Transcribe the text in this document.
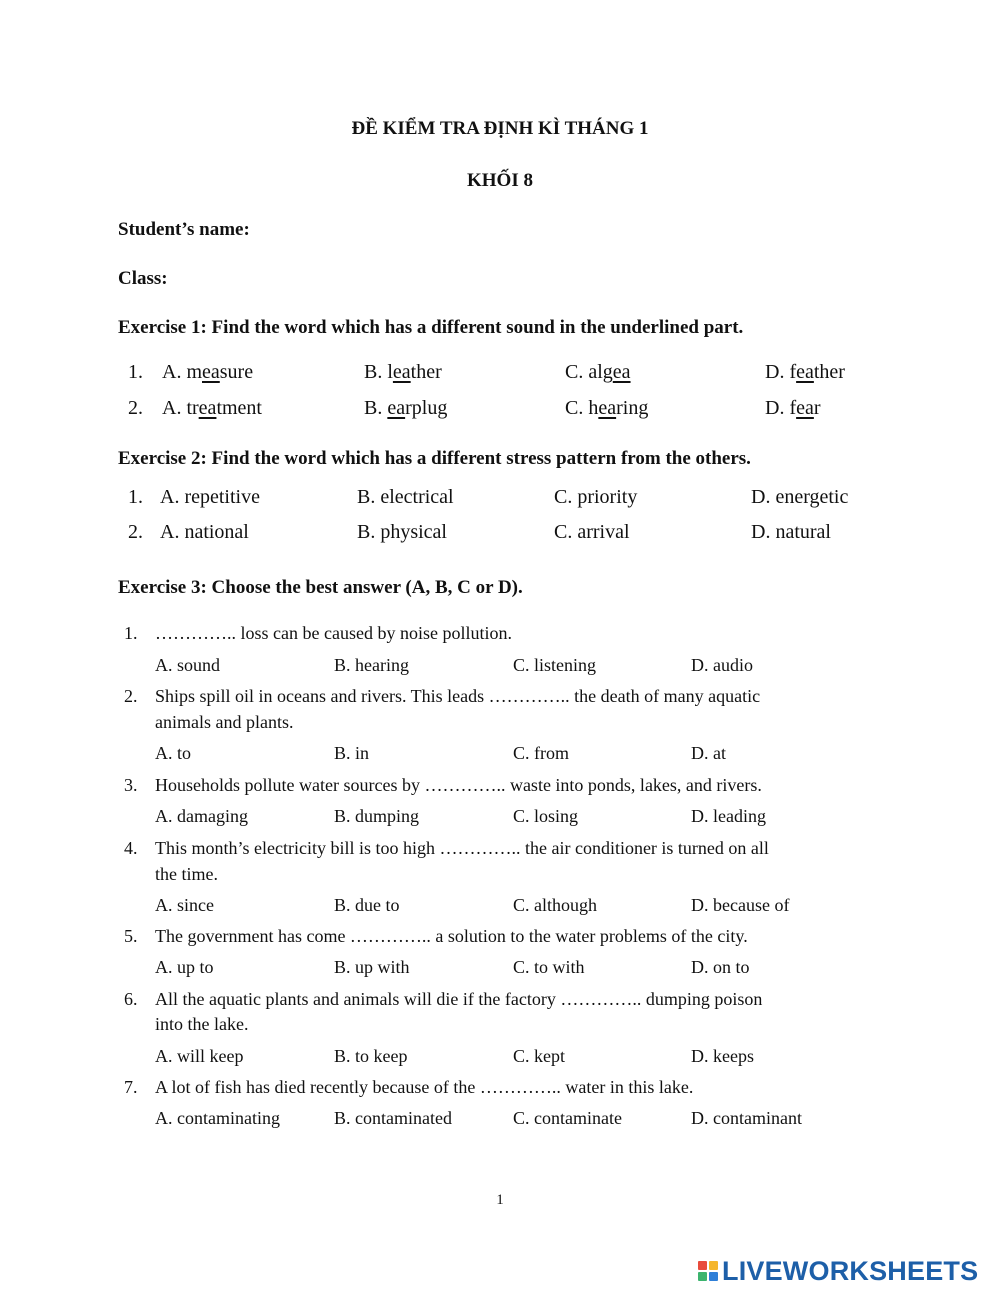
ĐỀ KIỂM TRA ĐỊNH KÌ THÁNG 1
KHỐI 8
Student’s name:
Class:
Exercise 1: Find the word which has a different sound in the underlined part.
1. A. measure	B. leather	C. algea	D. feather
2. A. treatment	B. earplug	C. hearing	D. fear
Exercise 2: Find the word which has a different stress pattern from the others.
1. A. repetitive	B. electrical	C. priority	D. energetic
2. A. national	B. physical	C. arrival	D. natural
Exercise 3: Choose the best answer (A, B, C or D).
1. ………….. loss can be caused by noise pollution.
A. sound	B. hearing	C. listening	D. audio
2. Ships spill oil in oceans and rivers. This leads ………….. the death of many aquatic
animals and plants.
A. to	B. in	C. from	D. at
3. Households pollute water sources by ………….. waste into ponds, lakes, and rivers.
A. damaging	B. dumping	C. losing	D. leading
4. This month’s electricity bill is too high ………….. the air conditioner is turned on all
the time.
A. since	B. due to	C. although	D. because of
5. The government has come ………….. a solution to the water problems of the city.
A. up to	B. up with	C. to with	D. on to
6. All the aquatic plants and animals will die if the factory ………….. dumping poison
into the lake.
A. will keep	B. to keep	C. kept	D. keeps
7. A lot of fish has died recently because of the ………….. water in this lake.
A. contaminating	B. contaminated	C. contaminate	D. contaminant
1
LIVEWORKSHEETS
